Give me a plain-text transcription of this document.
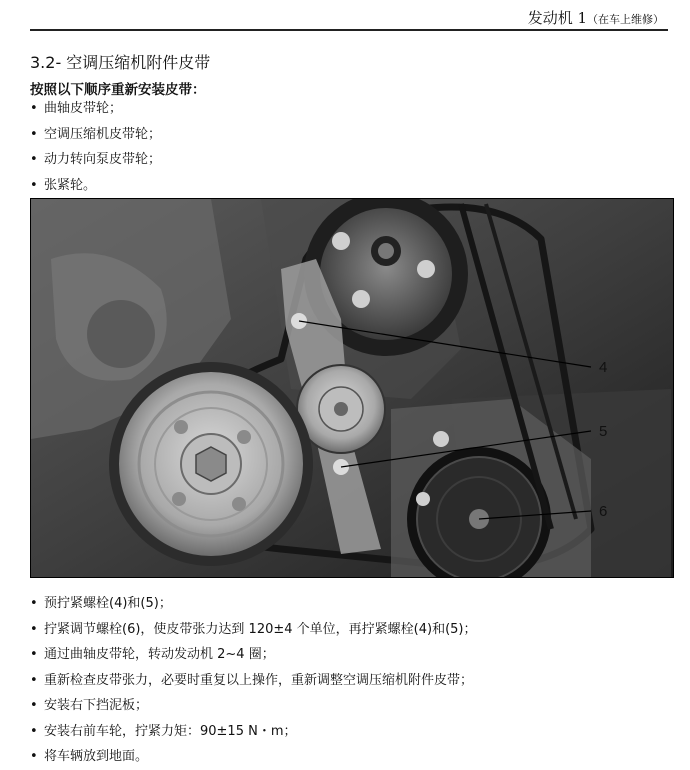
发动机 1（在车上维修）
3.2- 空调压缩机附件皮带
按照以下顺序重新安装皮带：
• 曲轴皮带轮；
• 空调压缩机皮带轮；
• 动力转向泵皮带轮；
• 张紧轮。
4
5
6
• 预拧紧螺栓(4)和(5)；
• 拧紧调节螺栓(6)，使皮带张力达到 120±4 个单位，再拧紧螺栓(4)和(5)；
• 通过曲轴皮带轮，转动发动机 2~4 圈；
• 重新检查皮带张力，必要时重复以上操作，重新调整空调压缩机附件皮带；
• 安装右下挡泥板；
• 安装右前车轮，拧紧力矩：90±15 N・m；
• 将车辆放到地面。
